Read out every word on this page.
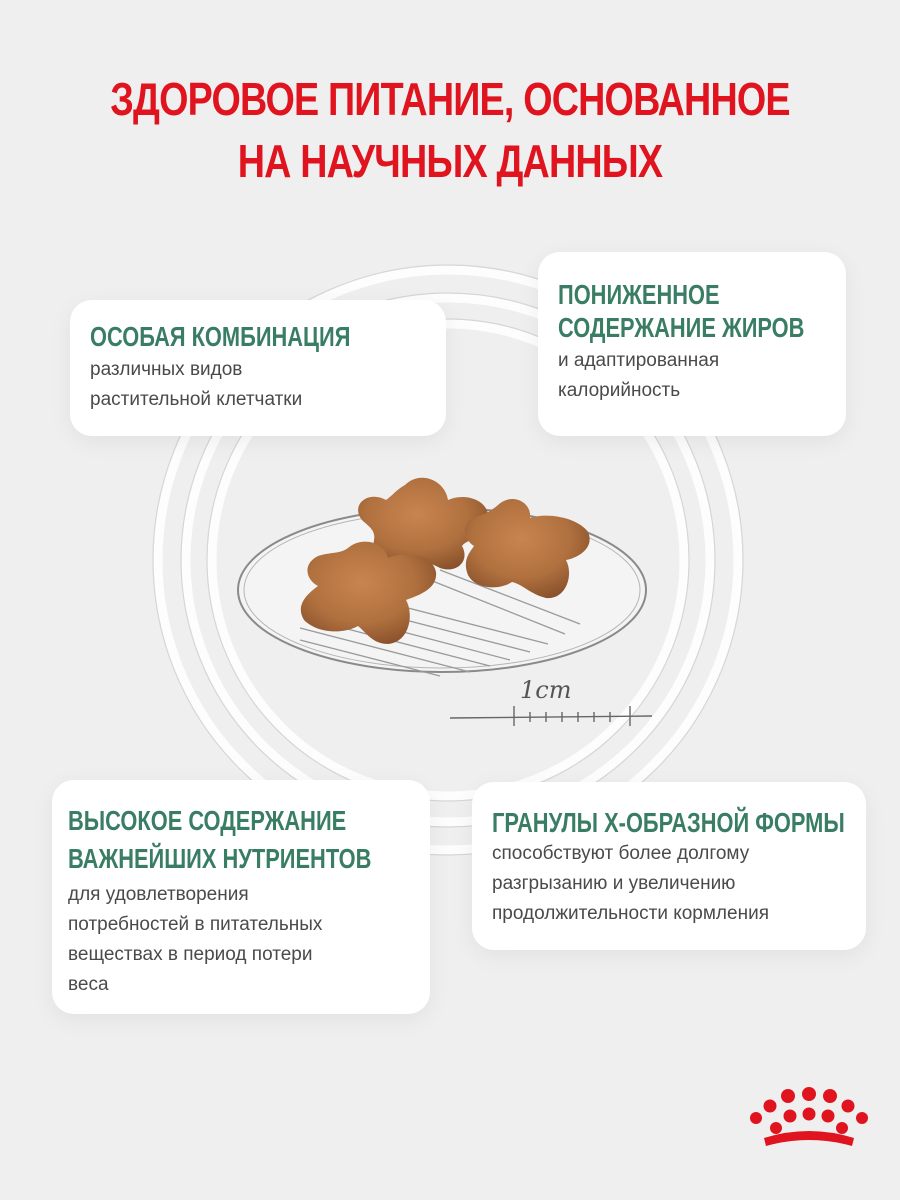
ЗДОРОВОЕ ПИТАНИЕ, ОСНОВАННОЕ
НА НАУЧНЫХ ДАННЫХ
1cm
ОСОБАЯ КОМБИНАЦИЯ
различных видов
растительной клетчатки
ПОНИЖЕННОЕ
СОДЕРЖАНИЕ ЖИРОВ
и адаптированная
калорийность
ВЫСОКОЕ СОДЕРЖАНИЕ
ВАЖНЕЙШИХ НУТРИЕНТОВ
для удовлетворения
потребностей в питательных
веществах в период потери
веса
ГРАНУЛЫ Х-ОБРАЗНОЙ ФОРМЫ
способствуют более долгому
разгрызанию и увеличению
продолжительности кормления
